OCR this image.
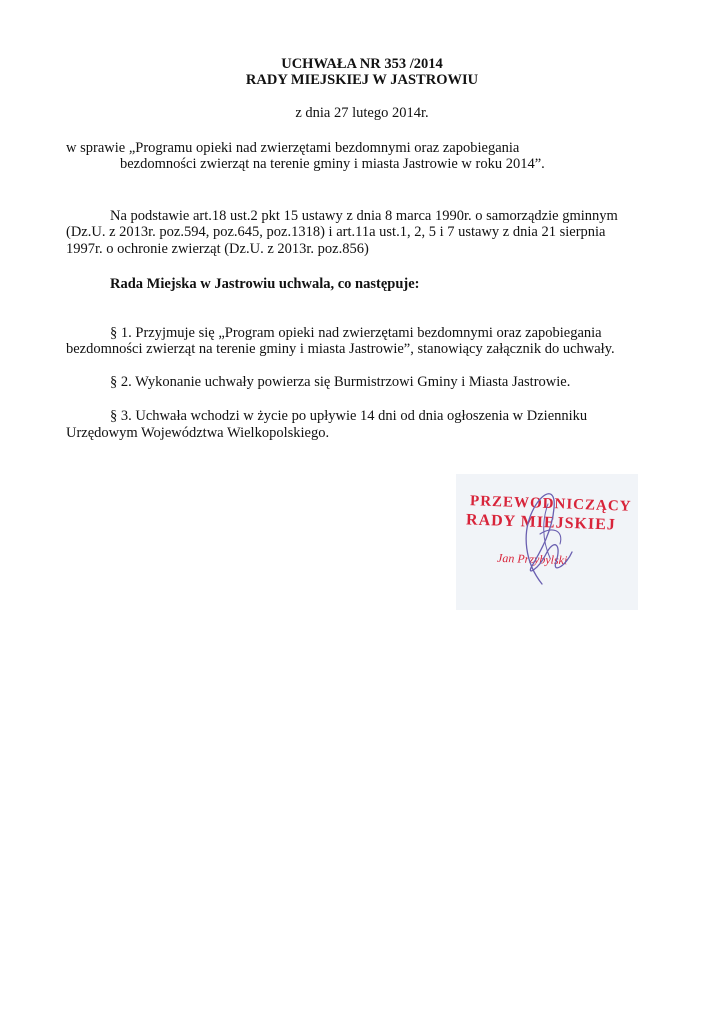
UCHWAŁA NR 353 /2014
RADY MIEJSKIEJ W JASTROWIU
z dnia 27 lutego 2014r.
w sprawie „Programu opieki nad zwierzętami bezdomnymi oraz zapobiegania
bezdomności zwierząt na terenie gminy i miasta Jastrowie w roku 2014”.
Na podstawie art.18 ust.2 pkt 15 ustawy z dnia 8 marca 1990r. o samorządzie gminnym
(Dz.U. z 2013r. poz.594, poz.645, poz.1318) i art.11a ust.1, 2, 5 i 7 ustawy z dnia 21 sierpnia
1997r. o ochronie zwierząt (Dz.U. z 2013r. poz.856)
Rada Miejska w Jastrowiu uchwala, co następuje:
§ 1. Przyjmuje się „Program opieki nad zwierzętami bezdomnymi oraz zapobiegania
bezdomności zwierząt na terenie gminy i miasta Jastrowie”, stanowiący załącznik do uchwały.
§ 2. Wykonanie uchwały powierza się Burmistrzowi Gminy i Miasta Jastrowie.
§ 3. Uchwała wchodzi w życie po upływie 14 dni od dnia ogłoszenia w Dzienniku
Urzędowym Województwa Wielkopolskiego.
PRZEWODNICZĄCY
RADY MIEJSKIEJ
Jan Przybylski
